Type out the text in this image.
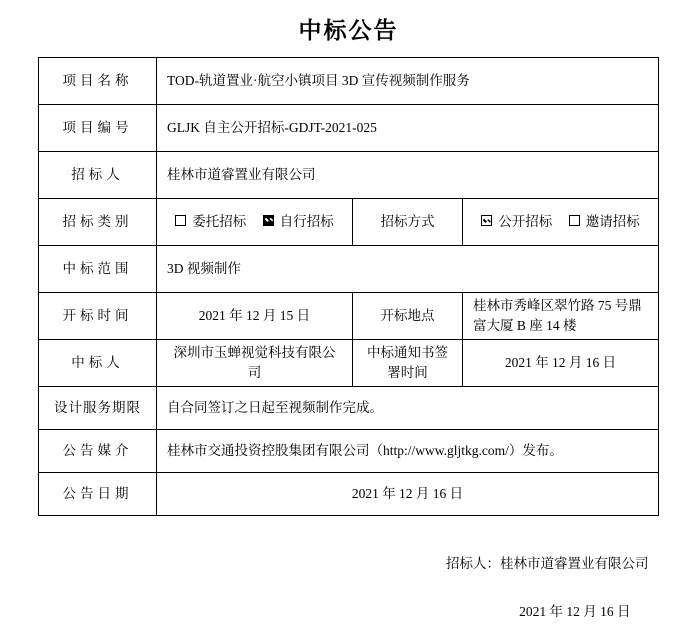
中标公告
项目名称	TOD-轨道置业·航空小镇项目 3D 宣传视频制作服务		
项目编号	GLJK 自主公开招标-GDJT-2021-025		
招标人	桂林市道睿置业有限公司		
招标类别	委托招标 自行招标	招标方式	公开招标 邀请招标

中标范围	3D 视频制作		
开标时间	2021 年 12 月 15 日	开标地点	桂林市秀峰区翠竹路 75 号鼎富大厦 B 座 14 楼
中标人	深圳市玉蝉视觉科技有限公司	中标通知书签署时间	2021 年 12 月 16 日
设计服务期限	自合同签订之日起至视频制作完成。		
公告媒介	桂林市交通投资控股集团有限公司（http://www.gljtkg.com/）发布。		
公告日期	2021 年 12 月 16 日		
招标人：桂林市道睿置业有限公司
2021 年 12 月 16 日
